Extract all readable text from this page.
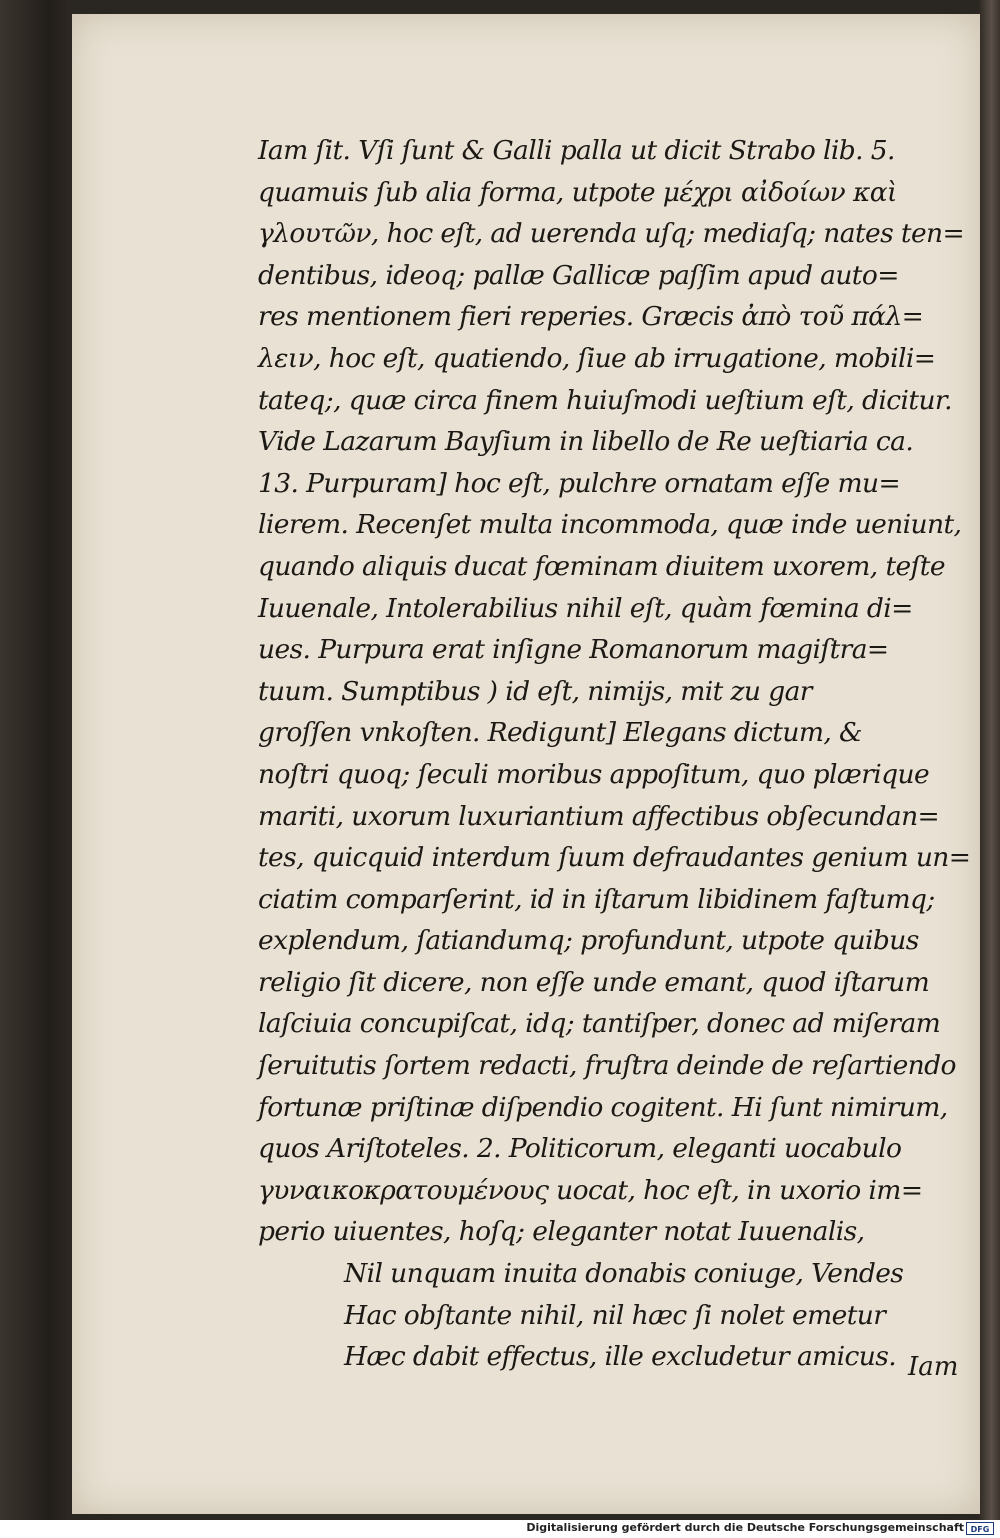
Iam ſit. Vſi ſunt & Galli palla ut dicit Strabo lib. 5.
quamuis ſub alia forma, utpote μέχρι αἰδοίων καὶ
γλουτῶν, hoc eſt, ad uerenda uſq; mediaſq; nates ten=
dentibus, ideoq; pallæ Gallicæ paſſim apud auto=
res mentionem fieri reperies. Græcis ἀπὸ τοῦ πάλ=
λειν, hoc eſt, quatiendo, ſiue ab irrugatione, mobili=
tateq;, quæ circa finem huiuſmodi ueſtium eſt, dicitur.
Vide Lazarum Bayſium in libello de Re ueſtiaria ca.
13. Purpuram] hoc eſt, pulchre ornatam eſſe mu=
lierem. Recenſet multa incommoda, quæ inde ueniunt,
quando aliquis ducat fœminam diuitem uxorem, teſte
Iuuenale, Intolerabilius nihil eſt, quàm fœmina di=
ues. Purpura erat inſigne Romanorum magiſtra=
tuum. Sumptibus ) id eſt, nimijs, mit zu gar
groſſen vnkoſten. Redigunt] Elegans dictum, &
noſtri quoq; ſeculi moribus appoſitum, quo plærique
mariti, uxorum luxuriantium affectibus obſecundan=
tes, quicquid interdum ſuum defraudantes genium un=
ciatim comparſerint, id in iſtarum libidinem faſtumq;
explendum, ſatiandumq; profundunt, utpote quibus
religio ſit dicere, non eſſe unde emant, quod iſtarum
laſciuia concupiſcat, idq; tantiſper, donec ad miſeram
ſeruitutis ſortem redacti, fruſtra deinde de reſartiendo
fortunæ priſtinæ diſpendio cogitent. Hi ſunt nimirum,
quos Ariſtoteles. 2. Politicorum, eleganti uocabulo
γυναικοκρατουμένους uocat, hoc eſt, in uxorio im=
perio uiuentes, hoſq; eleganter notat Iuuenalis,
Nil unquam inuita donabis coniuge, Vendes
Hac obſtante nihil, nil hæc ſi nolet emetur
Hæc dabit effectus, ille excludetur amicus. Iam
Digitalisierung gefördert durch die Deutsche Forschungsgemeinschaft DFG
